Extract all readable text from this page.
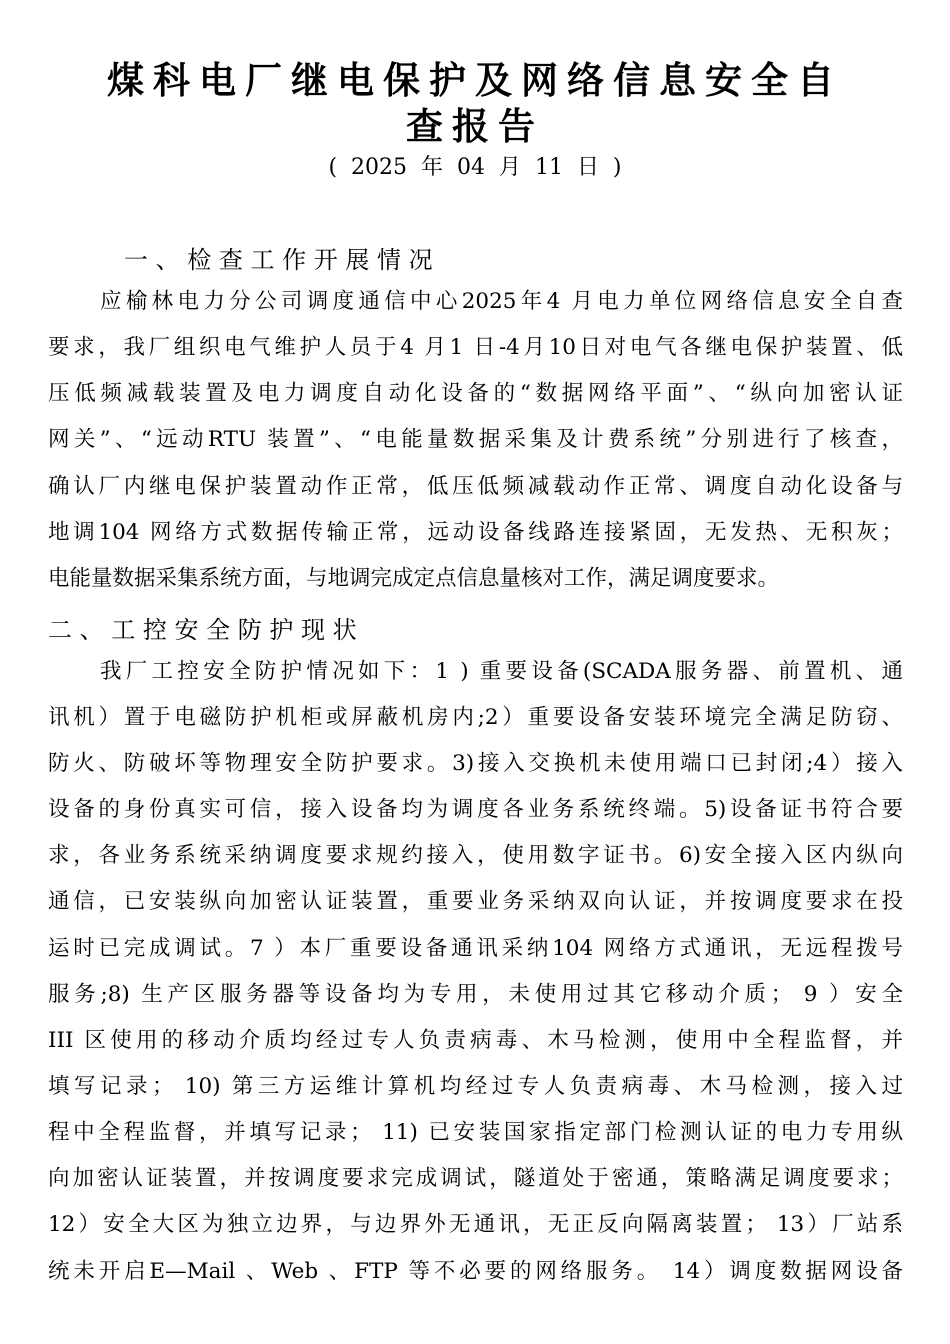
煤科电厂继电保护及网络信息安全自
查报告
(  2025  年  04  月  11  日  )
一 、 检 查 工 作 开 展 情 况
应榆林电力分公司调度通信中心2025年4 月电力单位网络信息安全自查
要求，我厂组织电气维护人员于4 月1 日-4月10日对电气各继电保护装置、低
压低频减载装置及电力调度自动化设备的“数据网络平面”、“纵向加密认证
网关”、“远动RTU 装置”、“电能量数据采集及计费系统”分别进行了核查，
确认厂内继电保护装置动作正常，低压低频减载动作正常、调度自动化设备与
地调104 网络方式数据传输正常，远动设备线路连接紧固，无发热、无积灰；
电能量数据采集系统方面，与地调完成定点信息量核对工作，满足调度要求。
二 、 工 控 安 全 防 护 现 状
我厂工控安全防护情况如下：1 ) 重要设备(SCADA服务器、前置机、通
讯机）置于电磁防护机柜或屏蔽机房内;2）重要设备安装环境完全满足防窃、
防火、防破坏等物理安全防护要求。3)接入交换机未使用端口已封闭;4）接入
设备的身份真实可信，接入设备均为调度各业务系统终端。5)设备证书符合要
求，各业务系统采纳调度要求规约接入，使用数字证书。6)安全接入区内纵向
通信，已安装纵向加密认证装置，重要业务采纳双向认证，并按调度要求在投
运时已完成调试。7 ）本厂重要设备通讯采纳104 网络方式通讯，无远程拨号
服务;8) 生产区服务器等设备均为专用，未使用过其它移动介质； 9 ）安全
III 区使用的移动介质均经过专人负责病毒、木马检测，使用中全程监督，并
填写记录； 10) 第三方运维计算机均经过专人负责病毒、木马检测，接入过
程中全程监督，并填写记录； 11) 已安装国家指定部门检测认证的电力专用纵
向加密认证装置，并按调度要求完成调试，隧道处于密通，策略满足调度要求；
12）安全大区为独立边界，与边界外无通讯，无正反向隔离装置； 13）厂站系
统未开启E—Mail 、Web 、FTP 等不必要的网络服务。 14）调度数据网设备
